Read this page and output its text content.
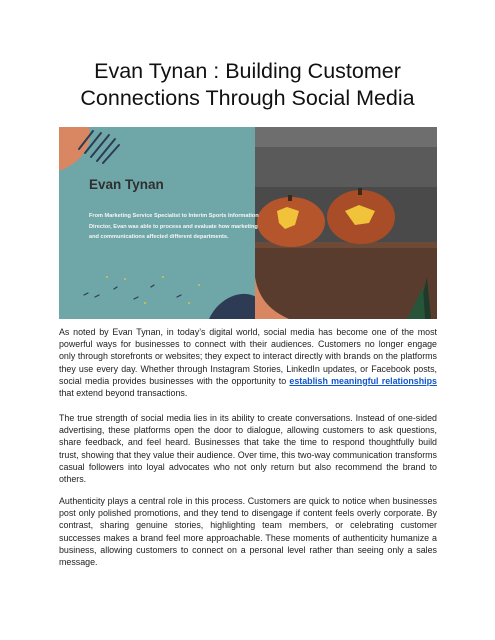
Evan Tynan : Building Customer
Connections Through Social Media
Evan Tynan
From Marketing Service Specialist to Interim Sports Information Director, Evan was able to process and evaluate how marketing and communications affected different departments.

As noted by Evan Tynan, in today’s digital world, social media has become one of the most powerful ways for businesses to connect with their audiences. Customers no longer engage only through storefronts or websites; they expect to interact directly with brands on the platforms they use every day. Whether through Instagram Stories, LinkedIn updates, or Facebook posts, social media provides businesses with the opportunity to establish meaningful relationships that extend beyond transactions.

The true strength of social media lies in its ability to create conversations. Instead of one-sided advertising, these platforms open the door to dialogue, allowing customers to ask questions, share feedback, and feel heard. Businesses that take the time to respond thoughtfully build trust, showing that they value their audience. Over time, this two-way communication transforms casual followers into loyal advocates who not only return but also recommend the brand to others.

Authenticity plays a central role in this process. Customers are quick to notice when businesses post only polished promotions, and they tend to disengage if content feels overly corporate. By contrast, sharing genuine stories, highlighting team members, or celebrating customer successes makes a brand feel more approachable. These moments of authenticity humanize a business, allowing customers to connect on a personal level rather than seeing only a sales message.
